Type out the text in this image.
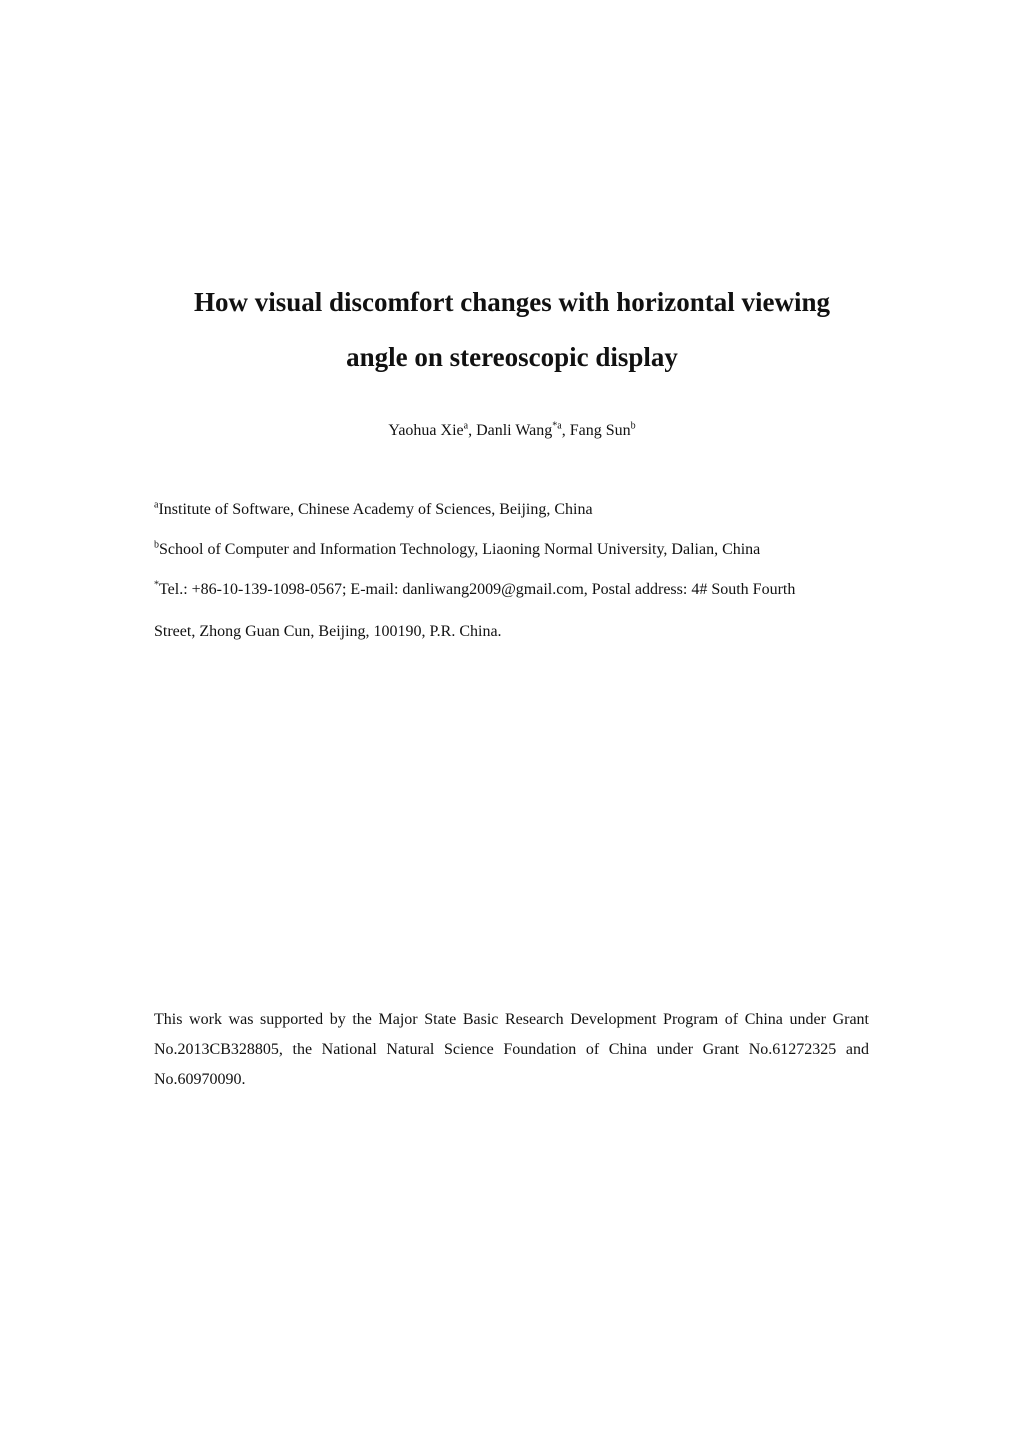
How visual discomfort changes with horizontal viewing
angle on stereoscopic display
Yaohua Xie$^a$, Danli Wang$^{*a}$, Fang Sun$^b$
$^a$Institute of Software, Chinese Academy of Sciences, Beijing, China
$^b$School of Computer and Information Technology, Liaoning Normal University, Dalian, China
*Tel.: +86-10-139-1098-0567; E-mail: danliwang2009@gmail.com, Postal address: 4# South Fourth
Street, Zhong Guan Cun, Beijing, 100190, P.R. China.
This work was supported by the Major State Basic Research Development Program of China under Grant No.2013CB328805, the National Natural Science Foundation of China under Grant No.61272325 and No.60970090.
